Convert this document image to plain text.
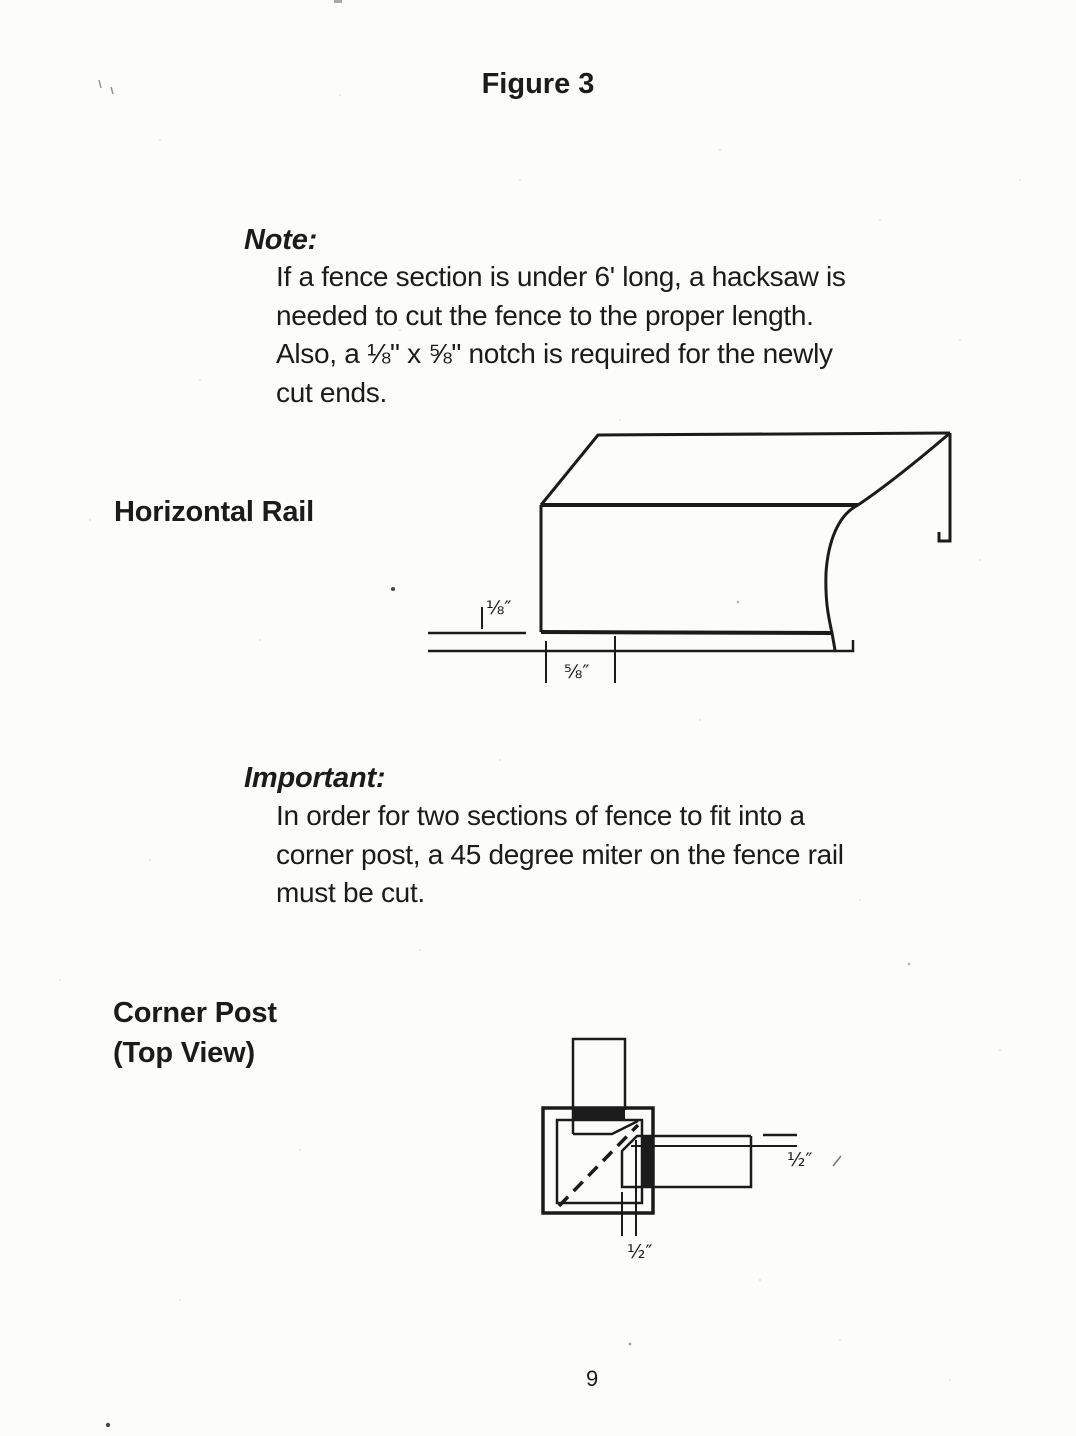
Figure 3
Note:
If a fence section is under 6' long, a hacksaw is
needed to cut the fence to the proper length.
Also, a ⅛" x ⅝" notch is required for the newly
cut ends.
Horizontal Rail
Important:
In order for two sections of fence to fit into a
corner post, a 45 degree miter on the fence rail
must be cut.
Corner Post
(Top View)
9
⅛″
⅝″
½″
½″
